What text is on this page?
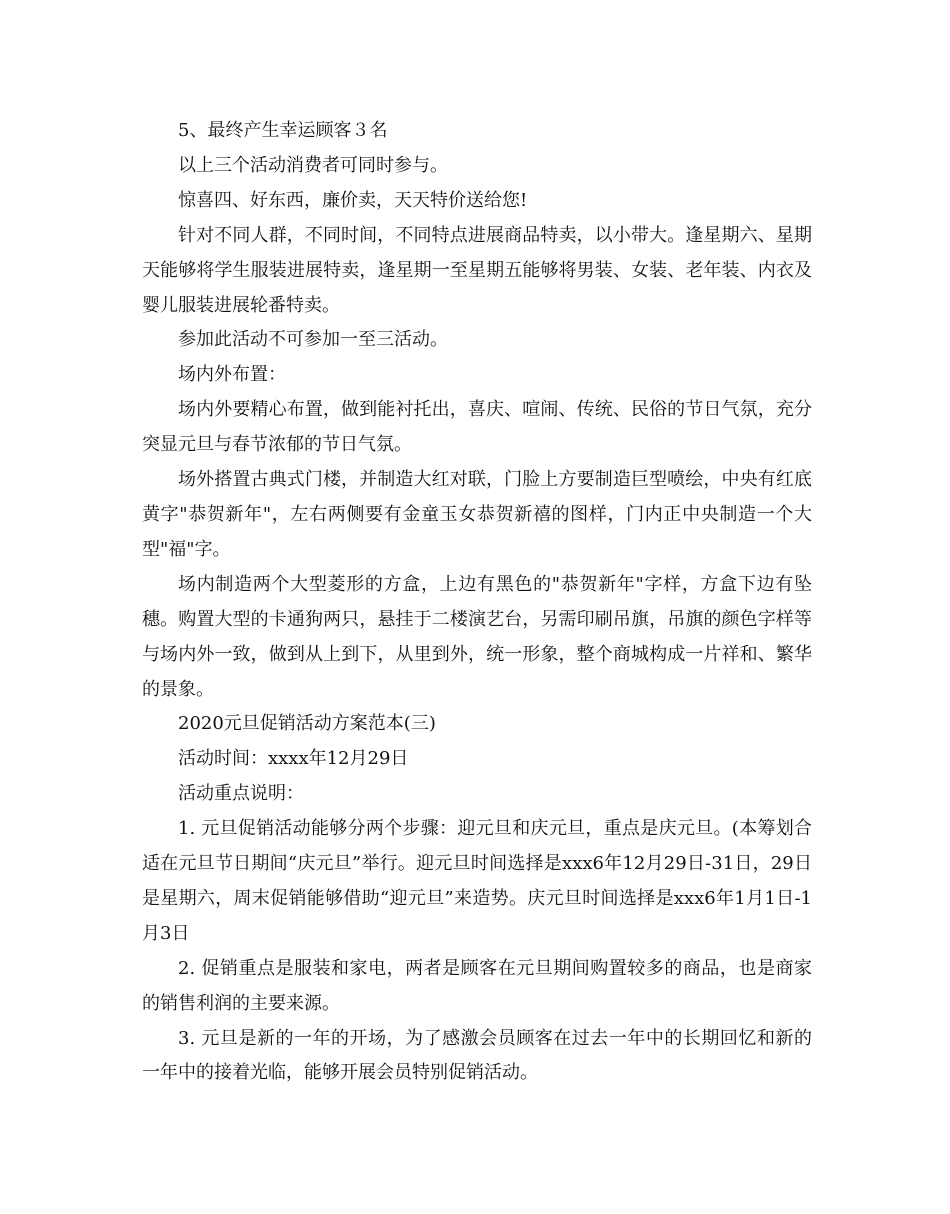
5、最终产生幸运顾客３名

以上三个活动消费者可同时参与。

惊喜四、好东西，廉价卖，天天特价送给您!

针对不同人群，不同时间，不同特点进展商品特卖，以小带大。逢星期六、星期天能够将学生服装进展特卖，逢星期一至星期五能够将男装、女装、老年装、内衣及婴儿服装进展轮番特卖。

参加此活动不可参加一至三活动。

场内外布置：

场内外要精心布置，做到能衬托出，喜庆、喧闹、传统、民俗的节日气氛，充分突显元旦与春节浓郁的节日气氛。

场外搭置古典式门楼，并制造大红对联，门脸上方要制造巨型喷绘，中央有红底黄字"恭贺新年"，左右两侧要有金童玉女恭贺新禧的图样，门内正中央制造一个大型"福"字。

场内制造两个大型菱形的方盒，上边有黑色的"恭贺新年"字样，方盒下边有坠穗。购置大型的卡通狗两只，悬挂于二楼演艺台，另需印刷吊旗，吊旗的颜色字样等与场内外一致，做到从上到下，从里到外，统一形象，整个商城构成一片祥和、繁华的景象。

2020元旦促销活动方案范本(三)

活动时间：xxxx年12月29日

活动重点说明：

1. 元旦促销活动能够分两个步骤：迎元旦和庆元旦，重点是庆元旦。(本筹划合适在元旦节日期间“庆元旦”举行。迎元旦时间选择是xxx6年12月29日-31日，29日是星期六，周末促销能够借助“迎元旦”来造势。庆元旦时间选择是xxx6年1月1日-1月3日

2. 促销重点是服装和家电，两者是顾客在元旦期间购置较多的商品，也是商家的销售利润的主要来源。

3. 元旦是新的一年的开场，为了感激会员顾客在过去一年中的长期回忆和新的一年中的接着光临，能够开展会员特别促销活动。
